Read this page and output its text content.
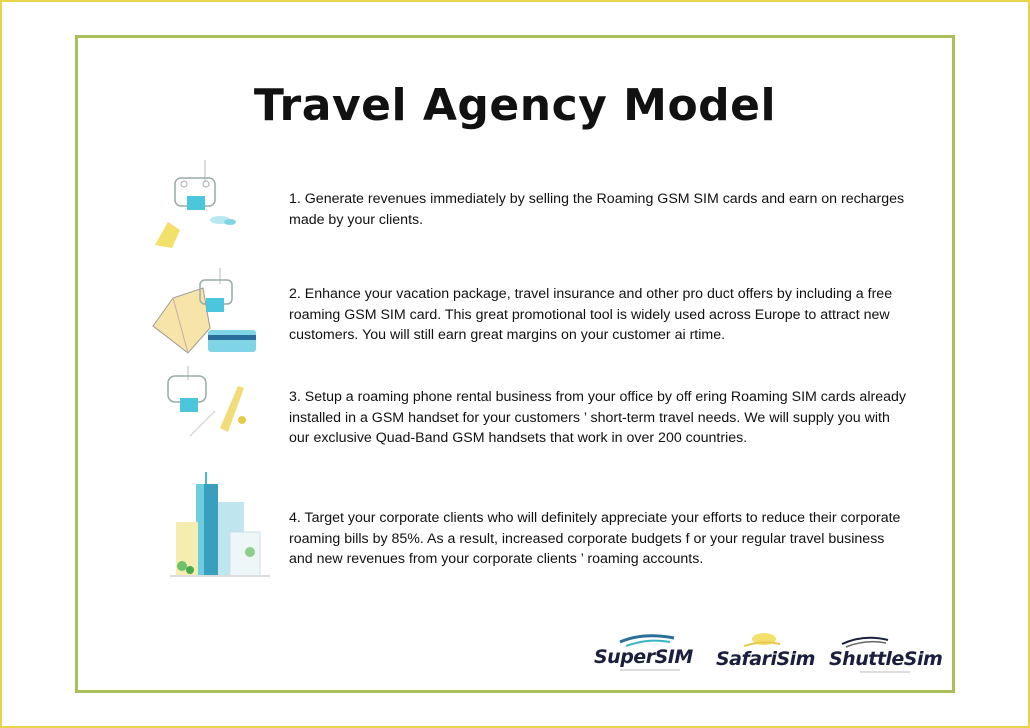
Travel Agency Model
1. Generate revenues immediately by selling the Roaming GSM SIM cards and earn on recharges made by your clients.
2. Enhance your vacation package, travel insurance and other pro duct offers by including a free roaming GSM SIM card. This great promotional tool is widely used across Europe to attract new customers. You will still earn great margins on your customer ai rtime.
3. Setup a roaming phone rental business from your office by off ering Roaming SIM cards already installed in a GSM handset for your customers ’ short-term travel needs. We will supply you with our exclusive Quad-Band GSM handsets that work in over 200 countries.
4. Target your corporate clients who will definitely appreciate your efforts to reduce their corporate roaming bills by 85%. As a result, increased corporate budgets f or your regular travel business and new revenues from your corporate clients ’ roaming accounts.
SuperSIM SafariSim ShuttleSim
